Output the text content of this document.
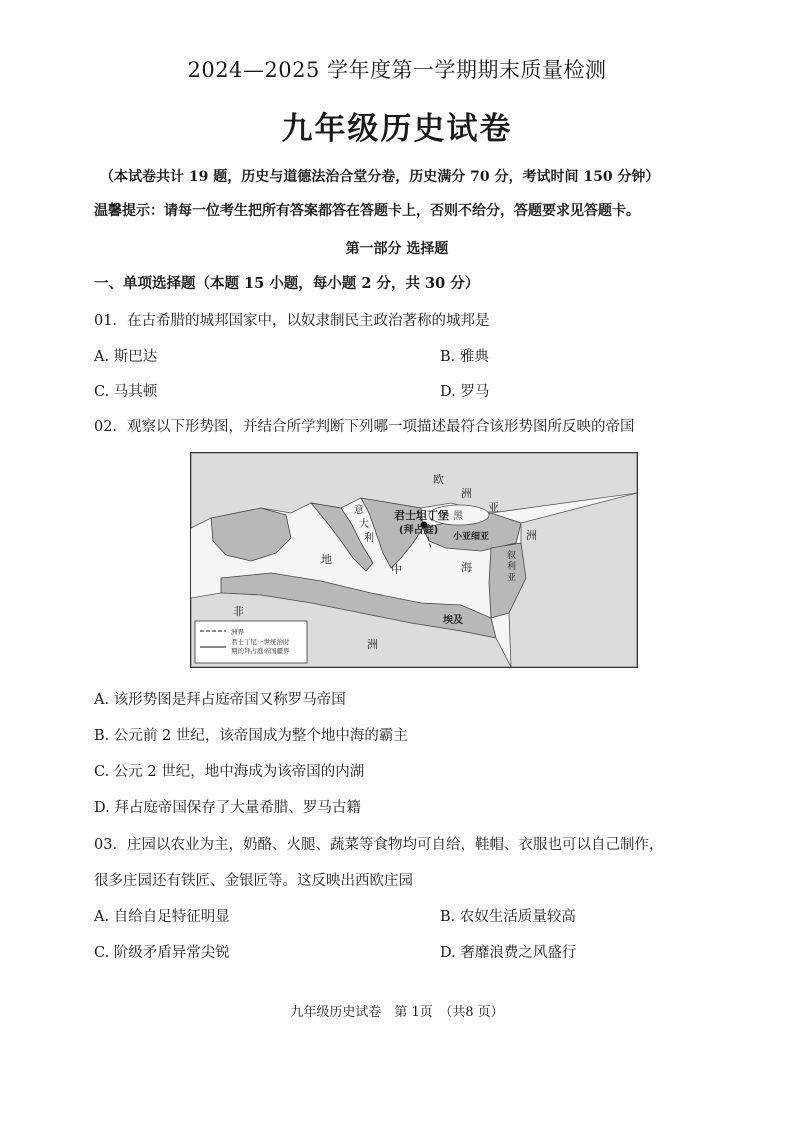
2024—2025 学年度第一学期期末质量检测
九年级历史试卷
（本试卷共计 19 题，历史与道德法治合堂分卷，历史满分 70 分，考试时间 150 分钟）
温馨提示：请每一位考生把所有答案都答在答题卡上，否则不给分，答题要求见答题卡。
第一部分 选择题
一、单项选择题（本题 15 小题，每小题 2 分，共 30 分）
01．在古希腊的城邦国家中，以奴隶制民主政治著称的城邦是
A. 斯巴达	B. 雅典
C. 马其顿	D. 罗马
02．观察以下形势图，并结合所学判断下列哪一项描述最符合该形势图所反映的帝国
欧
洲
意
大
利
君士坦丁堡
(拜占庭)
亚
洲
小亚细亚
叙
利
亚
地
中	海
黑
非
洲
埃及
洲界
君士丁尼一世统治时
期的拜占庭帝国疆界
A. 该形势图是拜占庭帝国又称罗马帝国
B. 公元前 2 世纪，该帝国成为整个地中海的霸主
C. 公元 2 世纪，地中海成为该帝国的内湖
D. 拜占庭帝国保存了大量希腊、罗马古籍
03．庄园以农业为主，奶酪、火腿、蔬菜等食物均可自给，鞋帽、衣服也可以自己制作，
很多庄园还有铁匠、金银匠等。这反映出西欧庄园
A. 自给自足特征明显	B. 农奴生活质量较高
C. 阶级矛盾异常尖锐	D. 奢靡浪费之风盛行
九年级历史试卷　第 1页　（共8 页）
